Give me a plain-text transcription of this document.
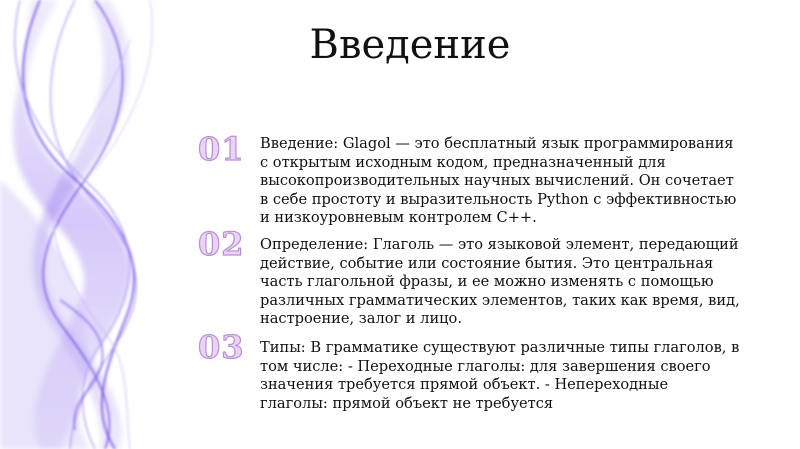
Введение
01	Введение: Glagol — это бесплатный язык программирования с открытым исходным кодом, предназначенный для высокопроизводительных научных вычислений. Он сочетает в себе простоту и выразительность Python с эффективностью и низкоуровневым контролем C++.

02	Определение: Глаголь — это языковой элемент, передающий действие, событие или состояние бытия. Это центральная часть глагольной фразы, и ее можно изменять с помощью различных грамматических элементов, таких как время, вид, настроение, залог и лицо.

03	Типы: В грамматике существуют различные типы глаголов, в том числе: - Переходные глаголы: для завершения своего значения требуется прямой объект. - Непереходные глаголы: прямой объект не требуется
